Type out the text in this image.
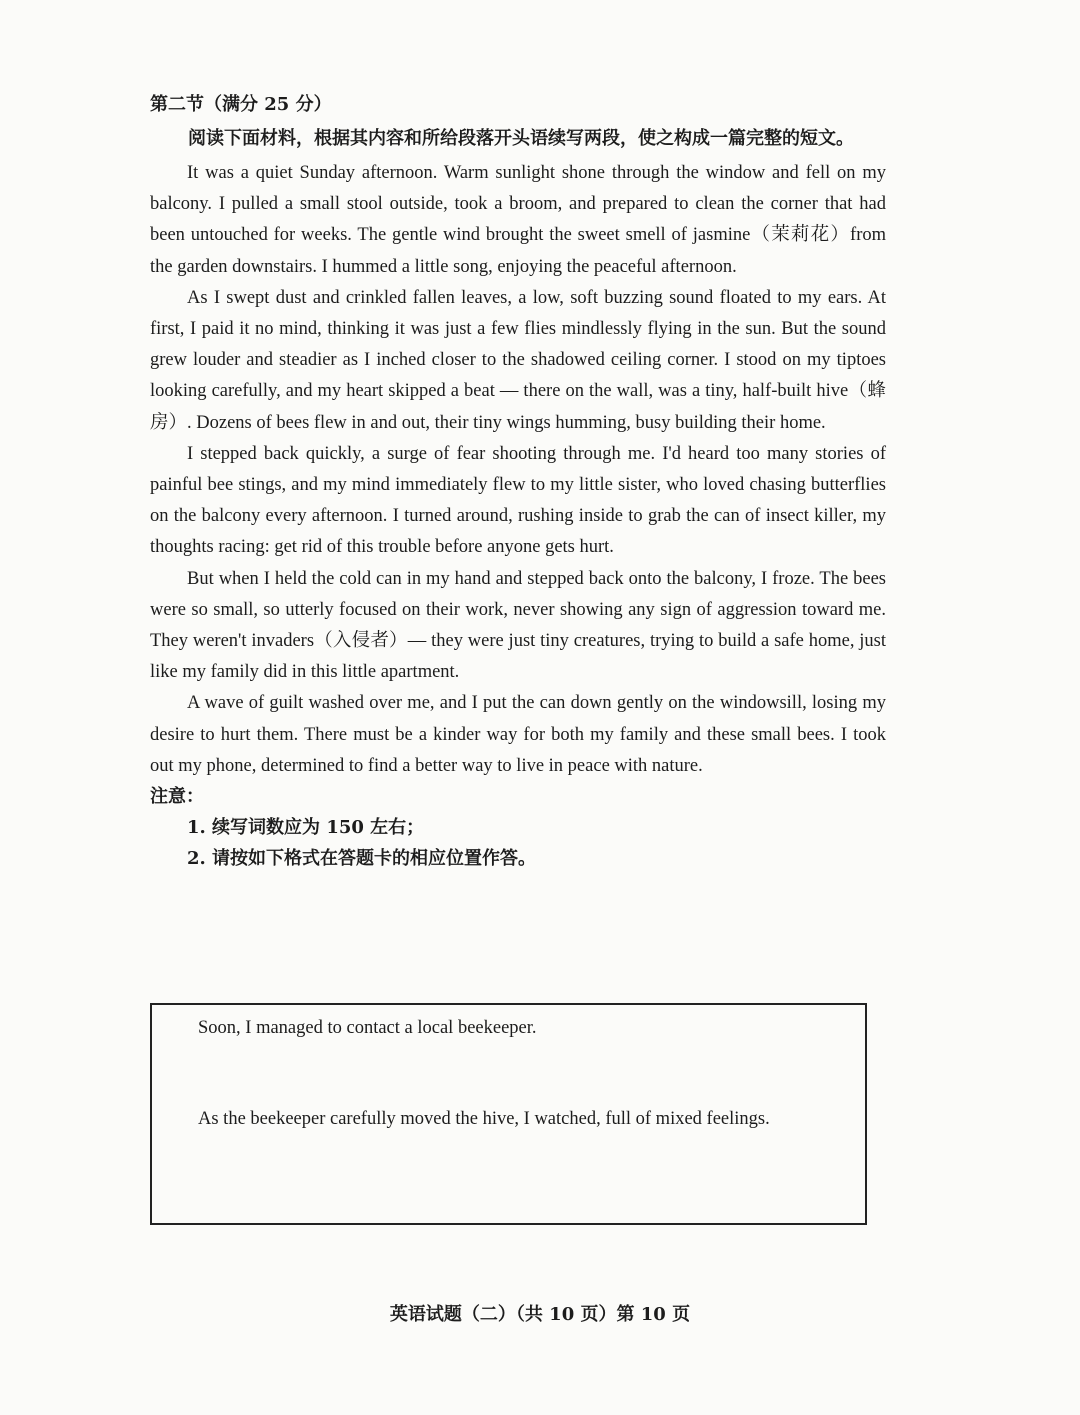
第二节（满分 25 分）
阅读下面材料，根据其内容和所给段落开头语续写两段，使之构成一篇完整的短文。

It was a quiet Sunday afternoon. Warm sunlight shone through the window and fell on my balcony. I pulled a small stool outside, took a broom, and prepared to clean the corner that had been untouched for weeks. The gentle wind brought the sweet smell of jasmine（茉莉花）from the garden downstairs. I hummed a little song, enjoying the peaceful afternoon.

As I swept dust and crinkled fallen leaves, a low, soft buzzing sound floated to my ears. At first, I paid it no mind, thinking it was just a few flies mindlessly flying in the sun. But the sound grew louder and steadier as I inched closer to the shadowed ceiling corner. I stood on my tiptoes looking carefully, and my heart skipped a beat — there on the wall, was a tiny, half-built hive（蜂房）. Dozens of bees flew in and out, their tiny wings humming, busy building their home.

I stepped back quickly, a surge of fear shooting through me. I'd heard too many stories of painful bee stings, and my mind immediately flew to my little sister, who loved chasing butterflies on the balcony every afternoon. I turned around, rushing inside to grab the can of insect killer, my thoughts racing: get rid of this trouble before anyone gets hurt.

But when I held the cold can in my hand and stepped back onto the balcony, I froze. The bees were so small, so utterly focused on their work, never showing any sign of aggression toward me. They weren't invaders（入侵者）— they were just tiny creatures, trying to build a safe home, just like my family did in this little apartment.

A wave of guilt washed over me, and I put the can down gently on the windowsill, losing my desire to hurt them. There must be a kinder way for both my family and these small bees. I took out my phone, determined to find a better way to live in peace with nature.

注意：
1. 续写词数应为 150 左右；
2. 请按如下格式在答题卡的相应位置作答。

Soon, I managed to contact a local beekeeper.

As the beekeeper carefully moved the hive, I watched, full of mixed feelings.

英语试题（二）（共 10 页）第 10 页
